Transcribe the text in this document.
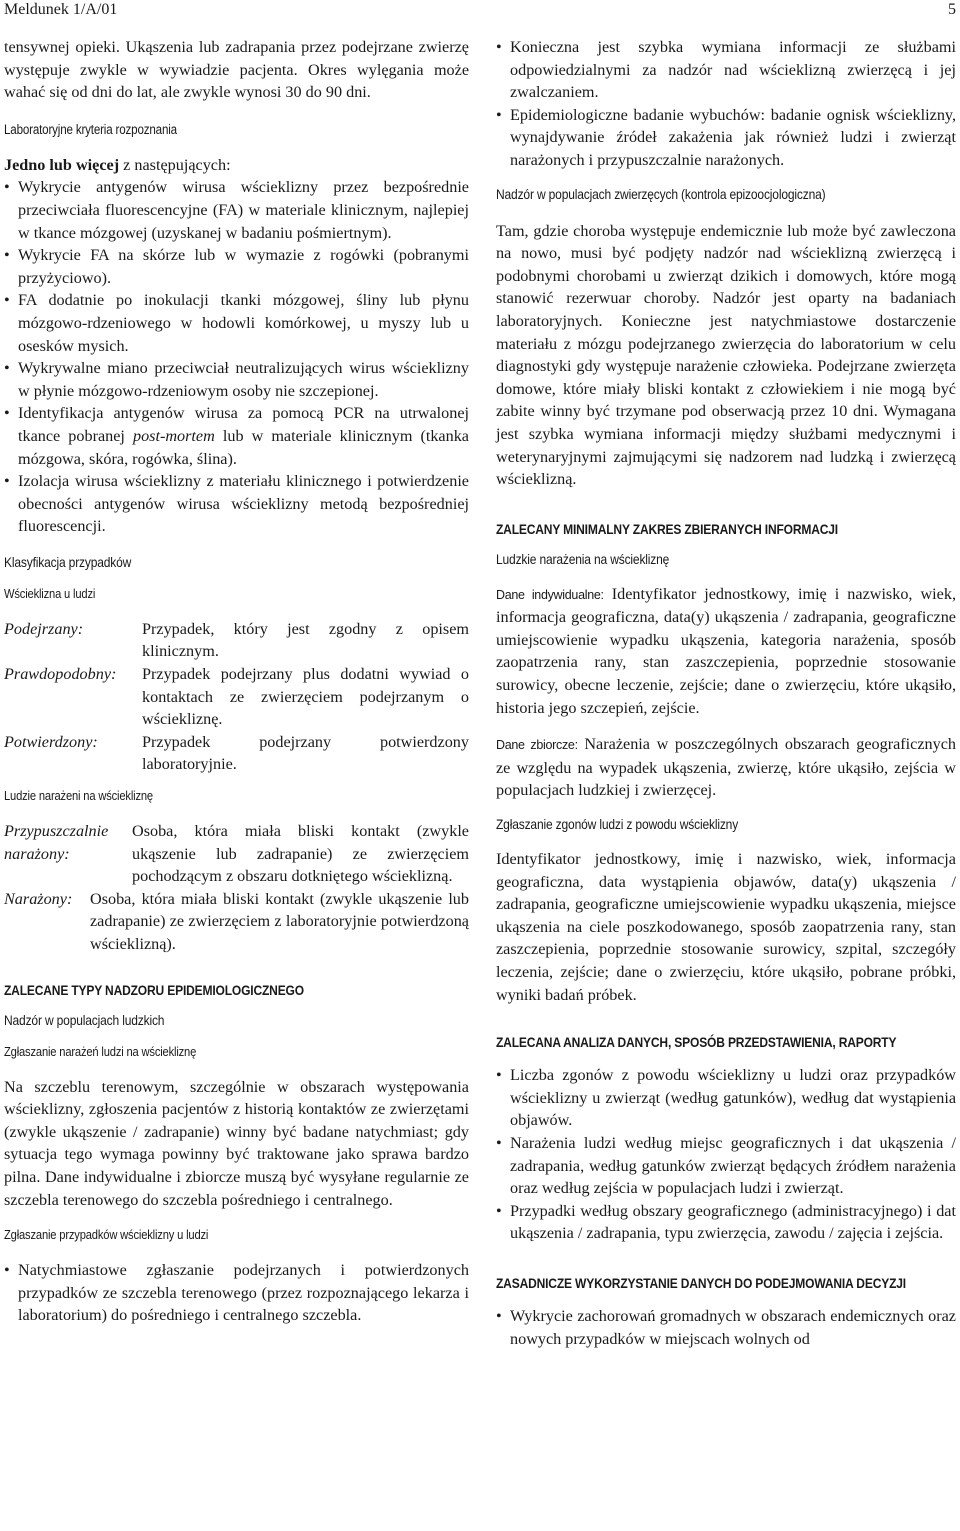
Meldunek 1/A/01	5

tensywnej opieki. Ukąszenia lub zadrapania przez podejrzane zwierzę występuje zwykle w wywiadzie pacjenta. Okres wylęgania może wahać się od dni do lat, ale zwykle wynosi 30 do 90 dni.

Laboratoryjne kryteria rozpoznania
Jedno lub więcej z następujących:
• Wykrycie antygenów wirusa wścieklizny przez bezpośrednie przeciwciała fluorescencyjne (FA) w materiale klinicznym, najlepiej w tkance mózgowej (uzyskanej w badaniu pośmiertnym).
• Wykrycie FA na skórze lub w wymazie z rogówki (pobranymi przyżyciowo).
• FA dodatnie po inokulacji tkanki mózgowej, śliny lub płynu mózgowo-rdzeniowego w hodowli komórkowej, u myszy lub u osesków mysich.
• Wykrywalne miano przeciwciał neutralizujących wirus wścieklizny w płynie mózgowo-rdzeniowym osoby nie szczepionej.
• Identyfikacja antygenów wirusa za pomocą PCR na utrwalonej tkance pobranej post-mortem lub w materiale klinicznym (tkanka mózgowa, skóra, rogówka, ślina).
• Izolacja wirusa wścieklizny z materiału klinicznego i potwierdzenie obecności antygenów wirusa wścieklizny metodą bezpośredniej fluorescencji.
Klasyfikacja przypadków
Wścieklizna u ludzi
Podejrzany:	Przypadek, który jest zgodny z opisem klinicznym.
Prawdopodobny:	Przypadek podejrzany plus dodatni wywiad o kontaktach ze zwierzęciem podejrzanym o wściekliznę.
Potwierdzony:	Przypadek podejrzany potwierdzony laboratoryjnie.
Ludzie narażeni na wściekliznę
Przypuszczalnie narażony:
Osoba, która miała bliski kontakt (zwykle ukąszenie lub zadrapanie) ze zwierzęciem pochodzącym z obszaru dotkniętego wścieklizną.
Narażony:	Osoba, która miała bliski kontakt (zwykle ukąszenie lub zadrapanie) ze zwierzęciem z laboratoryjnie potwierdzoną wścieklizną).
ZALECANE TYPY NADZORU EPIDEMIOLOGICZNEGO
Nadzór w populacjach ludzkich
Zgłaszanie narażeń ludzi na wściekliznę

Na szczeblu terenowym, szczególnie w obszarach występowania wścieklizny, zgłoszenia pacjentów z historią kontaktów ze zwierzętami (zwykle ukąszenie / zadrapanie) winny być badane natychmiast; gdy sytuacja tego wymaga powinny być traktowane jako sprawa bardzo pilna. Dane indywidualne i zbiorcze muszą być wysyłane regularnie ze szczebla terenowego do szczebla pośredniego i centralnego.

Zgłaszanie przypadków wścieklizny u ludzi
• Natychmiastowe zgłaszanie podejrzanych i potwierdzonych przypadków ze szczebla terenowego (przez rozpoznającego lekarza i laboratorium) do pośredniego i centralnego szczebla.
• Konieczna jest szybka wymiana informacji ze służbami odpowiedzialnymi za nadzór nad wścieklizną zwierzęcą i jej zwalczaniem.
• Epidemiologiczne badanie wybuchów: badanie ognisk wścieklizny, wynajdywanie źródeł zakażenia jak również ludzi i zwierząt narażonych i przypuszczalnie narażonych.
Nadzór w populacjach zwierzęcych (kontrola epizoocjologiczna)

Tam, gdzie choroba występuje endemicznie lub może być zawleczona na nowo, musi być podjęty nadzór nad wścieklizną zwierzęcą i podobnymi chorobami u zwierząt dzikich i domowych, które mogą stanowić rezerwuar choroby. Nadzór jest oparty na badaniach laboratoryjnych. Konieczne jest natychmiastowe dostarczenie materiału z mózgu podejrzanego zwierzęcia do laboratorium w celu diagnostyki gdy występuje narażenie człowieka. Podejrzane zwierzęta domowe, które miały bliski kontakt z człowiekiem i nie mogą być zabite winny być trzymane pod obserwacją przez 10 dni. Wymagana jest szybka wymiana informacji między służbami medycznymi i weterynaryjnymi zajmującymi się nadzorem nad ludzką i zwierzęcą wścieklizną.

ZALECANY MINIMALNY ZAKRES ZBIERANYCH INFORMACJI
Ludzkie narażenia na wściekliznę

Dane indywidualne: Identyfikator jednostkowy, imię i nazwisko, wiek, informacja geograficzna, data(y) ukąszenia / zadrapania, geograficzne umiejscowienie wypadku ukąszenia, kategoria narażenia, sposób zaopatrzenia rany, stan zaszczepienia, poprzednie stosowanie surowicy, obecne leczenie, zejście; dane o zwierzęciu, które ukąsiło, historia jego szczepień, zejście.

Dane zbiorcze: Narażenia w poszczególnych obszarach geograficznych ze względu na wypadek ukąszenia, zwierzę, które ukąsiło, zejścia w populacjach ludzkiej i zwierzęcej.

Zgłaszanie zgonów ludzi z powodu wścieklizny

Identyfikator jednostkowy, imię i nazwisko, wiek, informacja geograficzna, data wystąpienia objawów, data(y) ukąszenia / zadrapania, geograficzne umiejscowienie wypadku ukąszenia, miejsce ukąszenia na ciele poszkodowanego, sposób zaopatrzenia rany, stan zaszczepienia, poprzednie stosowanie surowicy, szpital, szczegóły leczenia, zejście; dane o zwierzęciu, które ukąsiło, pobrane próbki, wyniki badań próbek.

ZALECANA ANALIZA DANYCH, SPOSÓB PRZEDSTAWIENIA, RAPORTY
• Liczba zgonów z powodu wścieklizny u ludzi oraz przypadków wścieklizny u zwierząt (według gatunków), według dat wystąpienia objawów.
• Narażenia ludzi według miejsc geograficznych i dat ukąszenia / zadrapania, według gatunków zwierząt będących źródłem narażenia oraz według zejścia w populacjach ludzi i zwierząt.
• Przypadki według obszary geograficznego (administracyjnego) i dat ukąszenia / zadrapania, typu zwierzęcia, zawodu / zajęcia i zejścia.
ZASADNICZE WYKORZYSTANIE DANYCH DO PODEJMOWANIA DECYZJI
• Wykrycie zachorowań gromadnych w obszarach endemicznych oraz nowych przypadków w miejscach wolnych od
